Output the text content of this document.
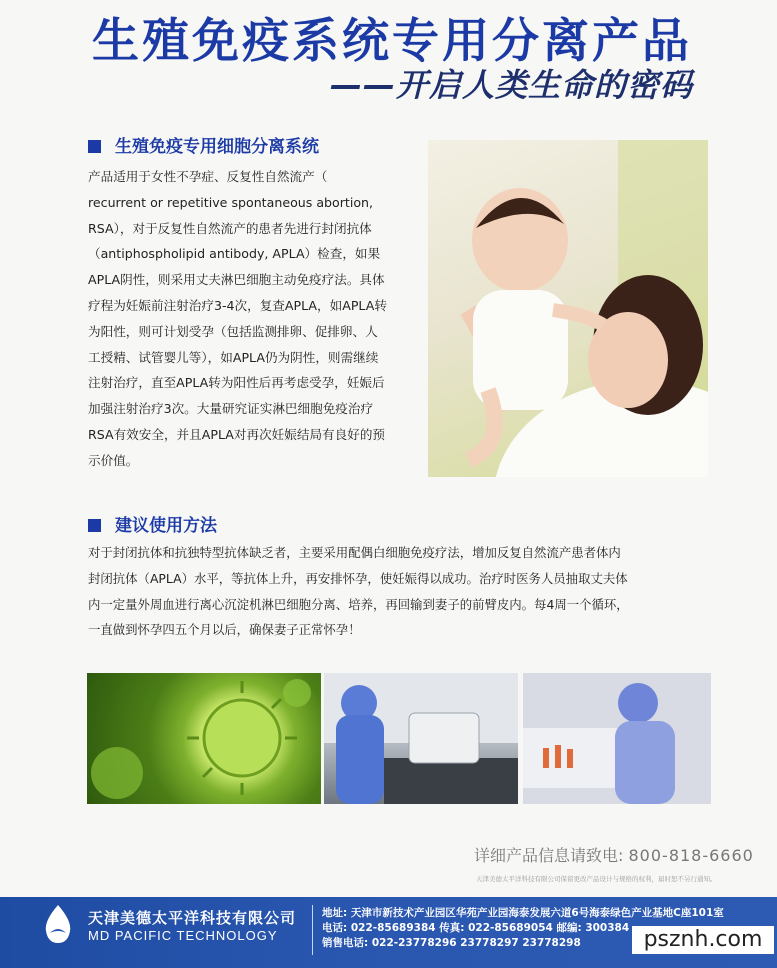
生殖免疫系统专用分离产品
——开启人类生命的密码
生殖免疫专用细胞分离系统

产品适用于女性不孕症、反复性自然流产（

recurrent or repetitive spontaneous abortion,

RSA），对于反复性自然流产的患者先进行封闭抗体

（antiphospholipid antibody, APLA）检查，如果

APLA阴性，则采用丈夫淋巴细胞主动免疫疗法。具体

疗程为妊娠前注射治疗3-4次，复查APLA，如APLA转

为阳性，则可计划受孕（包括监测排卵、促排卵、人

工授精、试管婴儿等），如APLA仍为阴性，则需继续

注射治疗，直至APLA转为阳性后再考虑受孕，妊娠后

加强注射治疗3次。大量研究证实淋巴细胞免疫治疗

RSA有效安全，并且APLA对再次妊娠结局有良好的预

示价值。

建议使用方法

对于封闭抗体和抗独特型抗体缺乏者，主要采用配偶白细胞免疫疗法，增加反复自然流产患者体内

封闭抗体（APLA）水平，等抗体上升，再安排怀孕，使妊娠得以成功。治疗时医务人员抽取丈夫体

内一定量外周血进行离心沉淀机淋巴细胞分离、培养，再回输到妻子的前臂皮内。每4周一个循环，

一直做到怀孕四五个月以后，确保妻子正常怀孕！

详细产品信息请致电: 800-818-6660
天津美德太平洋科技有限公司保留更改产品设计与规格的权利，届时恕不另行通知。
天津美德太平洋科技有限公司
MD PACIFIC TECHNOLOGY
地址: 天津市新技术产业园区华苑产业园海泰发展六道6号海泰绿色产业基地C座101室
电话: 022-85689384 传真: 022-85689054 邮编: 300384
销售电话: 022-23778296 23778297 23778298	psznh.com
